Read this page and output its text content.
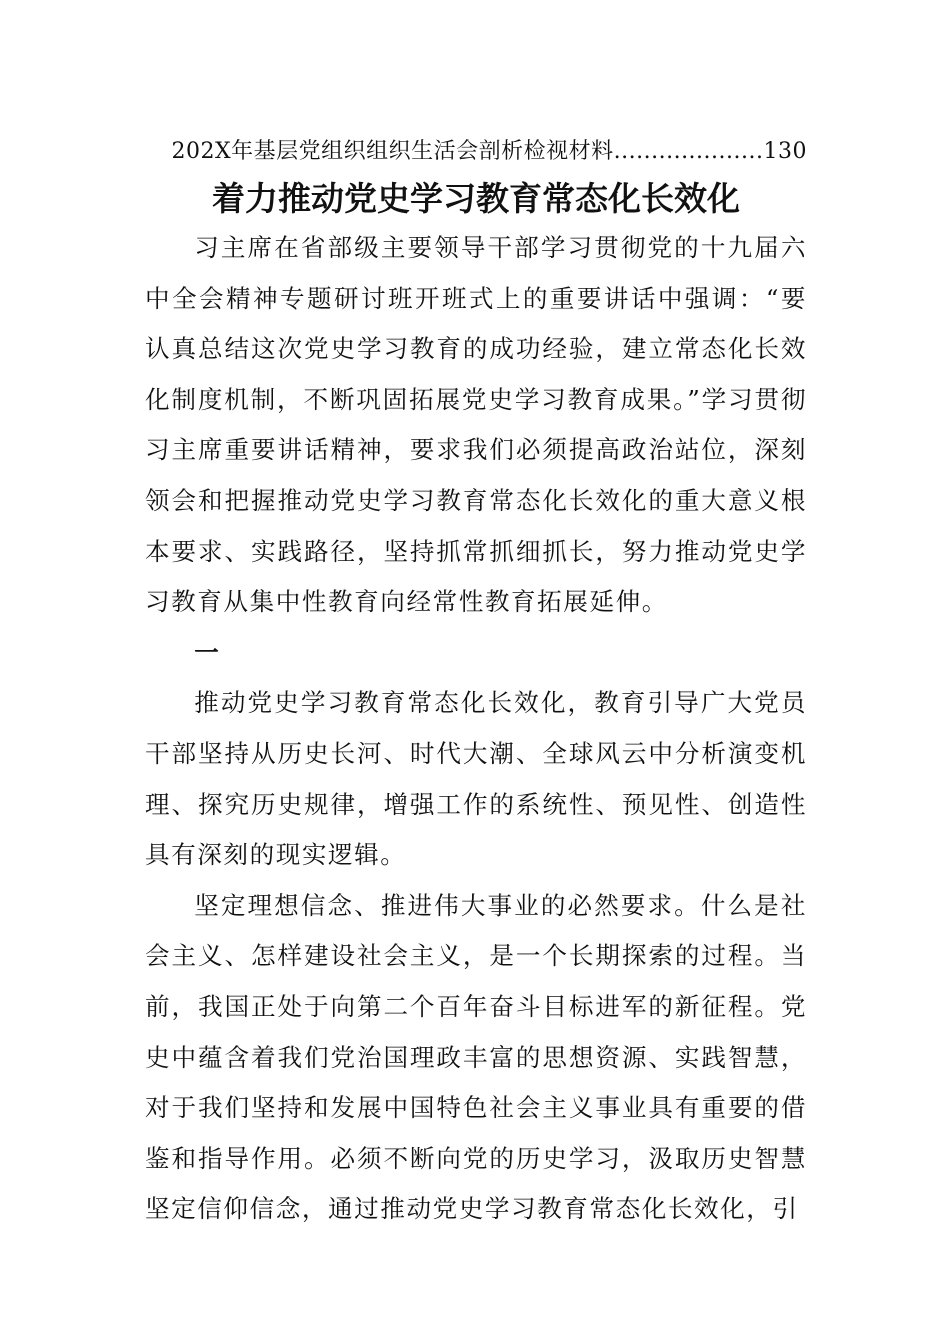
202X年基层党组织组织生活会剖析检视材料....................130
着力推动党史学习教育常态化长效化

习主席在省部级主要领导干部学习贯彻党的十九届六中全会精神专题研讨班开班式上的重要讲话中强调：“要认真总结这次党史学习教育的成功经验，建立常态化长效化制度机制，不断巩固拓展党史学习教育成果。”学习贯彻习主席重要讲话精神，要求我们必须提高政治站位，深刻领会和把握推动党史学习教育常态化长效化的重大意义根本要求、实践路径，坚持抓常抓细抓长，努力推动党史学习教育从集中性教育向经常性教育拓展延伸。

一

推动党史学习教育常态化长效化，教育引导广大党员干部坚持从历史长河、时代大潮、全球风云中分析演变机理、探究历史规律，增强工作的系统性、预见性、创造性具有深刻的现实逻辑。

坚定理想信念、推进伟大事业的必然要求。什么是社会主义、怎样建设社会主义，是一个长期探索的过程。当前，我国正处于向第二个百年奋斗目标进军的新征程。党史中蕴含着我们党治国理政丰富的思想资源、实践智慧，对于我们坚持和发展中国特色社会主义事业具有重要的借鉴和指导作用。必须不断向党的历史学习，汲取历史智慧坚定信仰信念，通过推动党史学习教育常态化长效化，引
